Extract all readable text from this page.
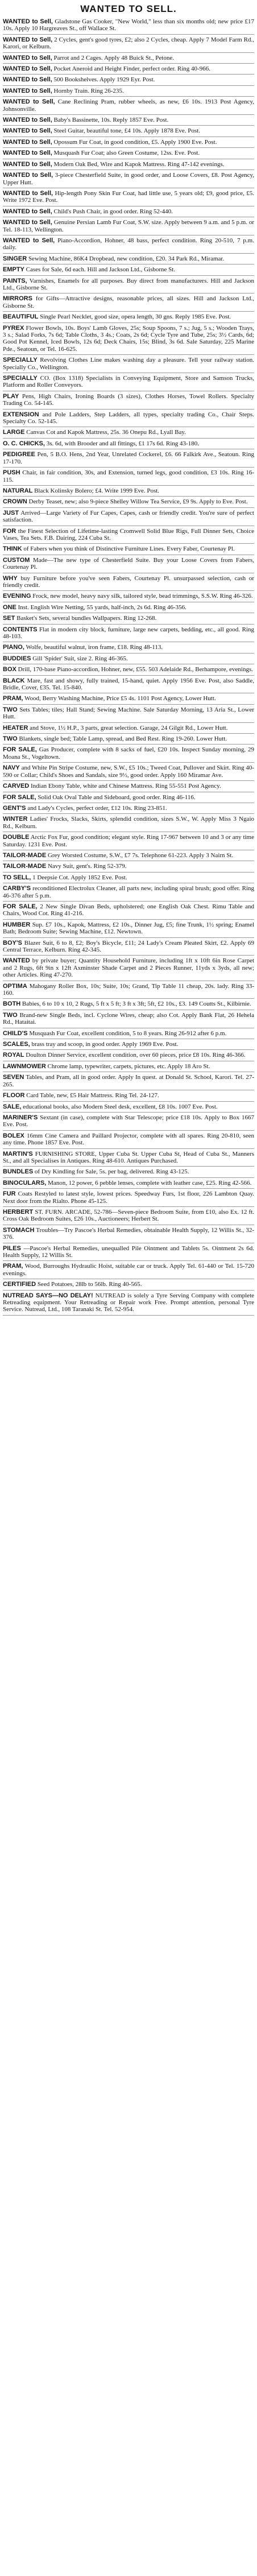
WANTED TO SELL.
WANTED to Sell, Gladstone Gas Cooker, "New World," less than six months old; new price £17 10s. Apply 10 Hargreaves St., off Wallace St.
WANTED to Sell, 2 Cycles, gent's good tyres, £2; also 2 Cycles, cheap. Apply 7 Model Farm Rd., Karori, or Kelburn.
WANTED to Sell, Parrot and 2 Cages. Apply 48 Buick St., Petone.
WANTED to Sell, Pocket Aneroid and Height Finder, perfect order. Ring 40-966.
WANTED to Sell, 500 Bookshelves. Apply 1929 Eyr. Post.
WANTED to Sell, Hornby Train. Ring 26-235.
WANTED to Sell, Cane Reclining Pram, rubber wheels, as new, £6 10s. 1913 Post Agency, Johnsonville.
WANTED to Sell, Baby's Bassinette, 10s. Reply 1857 Eve. Post.
WANTED to Sell, Steel Guitar, beautiful tone, £4 10s. Apply 1878 Eve. Post.
WANTED to Sell, Opossum Fur Coat, in good condition, £5. Apply 1900 Eve. Post.
WANTED to Sell, Musquash Fur Coat; also Green Costume, 12ss. Eve. Post.
WANTED to Sell, Modern Oak Bed, Wire and Kapok Mattress. Ring 47-142 evenings.
WANTED to Sell, 3-piece Chesterfield Suite, in good order, and Loose Covers, £8. Post Agency, Upper Hutt.
WANTED to Sell, Hip-length Pony Skin Fur Coat, had little use, 5 years old; £9, good price, £5. Write 1972 Eve. Post.
WANTED to Sell, Child's Push Chair, in good order. Ring 52-440.
WANTED to Sell, Genuine Persian Lamb Fur Coat, S.W. size. Apply between 9 a.m. and 5 p.m. or Tel. 18-113, Wellington.
WANTED to Sell, Piano-Accordion, Hohner, 48 bass, perfect condition. Ring 20-510, 7 p.m. daily.
SINGER Sewing Machine, 86K4 Dropbead, new condition, £20. 34 Park Rd., Miramar.
EMPTY Cases for Sale, 6d each. Hill and Jackson Ltd., Gisborne St.
PAINTS, Varnishes, Enamels for all purposes. Buy direct from manufacturers. Hill and Jackson Ltd., Gisborne St.
MIRRORS for Gifts—Attractive designs, reasonable prices, all sizes. Hill and Jackson Ltd., Gisborne St.
BEAUTIFUL Single Pearl Necklet, good size, opera length, 30 gns. Reply 1985 Eve. Post.
PYREX Flower Bowls, 10s. Boys' Lamb Gloves, 25s; Soup Spoons, 7 s.; Jug, 5 s.; Wooden Trays, 3 s.; Salad Forks, 7s 6d; Table Cloths, 3 4s.; Coats, 2s 6d; Cycle Tyre and Tube, 25s; 3½ Cards, 6d; Good Pot Kennel, Iced Bowls, 12s 6d; Deck Chairs, 15s; Blind, 3s 6d. Sale Saturday, 225 Marine Pde., Seatoun, or Tel. 16-625.
SPECIALLY Revolving Clothes Line makes washing day a pleasure. Tell your railway station. Specially Co., Wellington.
SPECIALLY CO. (Box 1318) Specialists in Conveying Equipment, Store and Samson Trucks, Platform and Roller Conveyors.
PLAY Pens, High Chairs, Ironing Boards (3 sizes), Clothes Horses, Towel Rollers. Specialty Trading Co. 54-145.
EXTENSION and Pole Ladders, Step Ladders, all types, specialty trading Co., Chair Steps. Specialty Co. 52-145.
LARGE Canvas Cot and Kapok Mattress, 25s. 36 Onepu Rd., Lyall Bay.
O. C. CHICKS, 3s. 6d, with Brooder and all fittings, £1 17s 6d. Ring 43-180.
PEDIGREE Pen, 5 B.O. Hens, 2nd Year, Unrelated Cockerel, £6. 66 Falkirk Ave., Seatoun. Ring 17-170.
PUSH Chair, in fair condition, 30s, and Extension, turned legs, good condition, £3 10s. Ring 16-115.
NATURAL Black Kolinsky Bolero; £4. Write 1999 Eve. Post.
CROWN Derby Teaset, new; also 9-piece Shelley Willow Tea Service, £9 9s. Apply to Eve. Post.
JUST Arrived—Large Variety of Fur Capes, Capes, cash or friendly credit. You're sure of perfect satisfaction.
FOR the Finest Selection of Lifetime-lasting Cromwell Solid Blue Rigs, Full Dinner Sets, Choice Vases, Tea Sets. F.B. Dairing, 224 Cuba St.
THINK of Fabers when you think of Distinctive Furniture Lines. Every Faber, Courtenay Pl.
CUSTOM Made—The new type of Chesterfield Suite. Buy your Loose Covers from Fabers, Courtenay Pl.
WHY buy Furniture before you've seen Fabers, Courtenay Pl. unsurpassed selection, cash or friendly credit.
EVENING Frock, new model, heavy navy silk, tailored style, bead trimmings, S.S.W. Ring 46-326.
ONE Inst. English Wire Netting, 55 yards, half-inch, 2s 6d. Ring 46-356.
SET Basket's Sets, several bundles Wallpapers. Ring 12-268.
CONTENTS Flat in modern city block, furniture, large new carpets, bedding, etc., all good. Ring 48-103.
PIANO, Wolfe, beautiful walnut, iron frame, £18. Ring 48-113.
BUDDIES Gill 'Spider' Suit, size 2. Ring 46-365.
BOX Drill, 170-base Piano-accordion, Hohner, new, £55. 503 Adelaide Rd., Berhampore, evenings.
BLACK Mare, fast and showy, fully trained, 15-hand, quiet. Apply 1956 Eve. Post, also Saddle, Bridle, Cover, £35. Tel. 15-840.
PRAM, Wood, Berry Washing Machine, Price £5 4s. 1101 Post Agency, Lower Hutt.
TWO Sets Tables; tiles; Hall Stand; Sewing Machine. Sale Saturday Morning, 13 Aria St., Lower Hutt.
HEATER and Stove, 1½ H.P., 3 parts, great selection. Garage, 24 Gilgit Rd., Lower Hutt.
TWO Blankets, single bed; Table Lamp, spread, and Bed Rest. Ring 19-260. Lower Hutt.
FOR SALE, Gas Producer, complete with 8 sacks of fuel, £20 10s. Inspect Sunday morning, 29 Moana St., Vogeltown.
NAVY and White Pin Stripe Costume, new, S.W., £5 10s.; Tweed Coat, Pullover and Skirt. Ring 40-590 or Collar; Child's Shoes and Sandals, size 9½, good order. Apply 160 Miramar Ave.
CARVED Indian Ebony Table, white and Chinese Mattress. Ring 55-551 Post Agency.
FOR SALE, Solid Oak Oval Table and Sideboard, good order. Ring 46-116.
GENT'S and Lady's Cycles, perfect order, £12 10s. Ring 23-851.
WINTER Ladies' Frocks, Slacks, Skirts, splendid condition, sizes S.W., W. Apply Miss 3 Ngaio Rd., Kelburn.
DOUBLE Arctic Fox Fur, good condition; elegant style. Ring 17-967 between 10 and 3 or any time Saturday. 1231 Eve. Post.
TAILOR-MADE Grey Worsted Costume, S.W., £7 7s. Telephone 61-223. Apply 3 Nairn St.
TAILOR-MADE Navy Suit, gent's. Ring 52-379.
TO SELL, 1 Deepsie Cot. Apply 1852 Eve. Post.
CARBY'S reconditioned Electrolux Cleaner, all parts new, including spiral brush; good offer. Ring 46-376 after 5 p.m.
FOR SALE, 2 New Single Divan Beds, upholstered; one English Oak Chest. Rimu Table and Chairs, Wood Cot. Ring 41-216.
HUMBER Sup. £7 10s., Kapok, Mattress, £2 10s., Dinner Jug, £5; fine Trunk, 1½ spring; Enamel Bath; Bedroom Suite; Sewing Machine, £12. Newtown.
BOY'S Blazer Suit, 6 to 8, £2; Boy's Bicycle, £11; 24 Lady's Cream Pleated Skirt, £2. Apply 69 Central Terrace, Kelburn. Ring 42-345.
WANTED by private buyer; Quantity Household Furniture, including 1ft x 10ft 6in Rose Carpet and 2 Rugs, 6ft 9in x 12ft Axminster Shade Carpet and 2 Pieces Runner, 11yds x 3yds, all new; other Articles. Ring 47-270.
OPTIMA Mahogany Roller Box, 10s; Suite, 10s; Grand, Tip Table 11 cheap, 20s. lady. Ring 33-160.
BOTH Babies, 6 to 10 x 10, 2 Rugs, 5 ft x 5 ft; 3 ft x 3ft; 5ft, £2 10s., £3. 149 Coutts St., Kilbirnie.
TWO Brand-new Single Beds, incl. Cyclone Wires, cheap; also Cot. Apply Bank Flat, 26 Hehela Rd., Hataitai.
CHILD'S Musquash Fur Coat, excellent condition, 5 to 8 years. Ring 26-912 after 6 p.m.
SCALES, brass tray and scoop, in good order. Apply 1969 Eve. Post.
ROYAL Doulton Dinner Service, excellent condition, over 60 pieces, price £8 10s. Ring 46-366.
LAWNMOWER Chrome lamp, typewriter, carpets, pictures, etc. Apply 18 Aro St.
SEVEN Tables, and Pram, all in good order. Apply In quest. at Donald St. School, Karori. Tel. 27-265.
FLOOR Card Table, new, £5 Hair Mattress. Ring Tel. 24-127.
SALE, educational books, also Modern Steel desk, excellent, £8 10s. 1007 Eve. Post.
MARINER'S Sextant (in case), complete with Star Telescope; price £18 10s. Apply to Box 1667 Eve. Post.
BOLEX 16mm Cine Camera and Paillard Projector, complete with all spares. Ring 20-810, seen any time. Phone 1857 Eve. Post.
MARTIN'S FURNISHING STORE, Upper Cuba St. Upper Cuba St, Head of Cuba St., Manners St., and all Specialises in Antiques. Ring 48-610. Antiques Purchased.
BUNDLES of Dry Kindling for Sale, 5s. per bag, delivered. Ring 43-125.
BINOCULARS, Manon, 12 power, 6 pebble lenses, complete with leather case, £25. Ring 42-566.
FUR Coats Restyled to latest style, lowest prices. Speedway Furs, 1st floor, 226 Lambton Quay. Next door from the Rialto. Phone 45-125.
HERBERT ST. FURN. ARCADE, 52-786—Seven-piece Bedroom Suite, from £10, also Ex. 12 ft. Cross Oak Bedroom Suites, £26 10s., Auctioneers; Herbert St.
STOMACH Troubles—Try Pascoe's Herbal Remedies, obtainable Health Supply, 12 Willis St., 32-376.
PILES —Pascoe's Herbal Remedies, unequalled Pile Ointment and Tablets 5s. Ointment 2s 6d. Health Supply, 12 Willis St.
PRAM, Wood, Burroughs Hydraulic Hoist, suitable car or truck. Apply Tel. 61-440 or Tel. 15-720 evenings.
CERTIFIED Seed Potatoes, 28lb to 56lb. Ring 40-565.
NUTREAD SAYS—NO DELAY! NUTREAD is solely a Tyre Serving Company with complete Retreading equipment. Your Retreading or Repair work Free. Prompt attention, personal Tyre Service. Nutread, Ltd., 108 Taranaki St. Tel. 52-954.
